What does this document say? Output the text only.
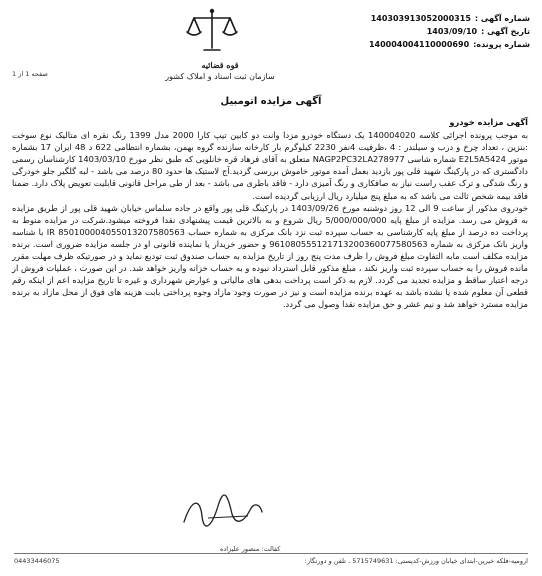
شماره آگهی :
140303913052000315
تاریخ آگهی :
1403/09/10
شماره پرونده:
140004004110000690
قوه قضائیه
سازمان ثبت اسناد و املاک کشور
صفحه 1 از 1
آگهی مزایده اتومبیل

آگهی مزایده خودرو

به موجب پرونده اجرائی کلاسه 140004020 یک دستگاه خودرو مزدا وانت دو کابین تیپ کارا 2000 مدل 1399 رنگ نقره ای متالیک نوع سوخت :بنزین ، تعداد چرخ و درب و سیلندر : 4 ،ظرفیت 4نفر 2230 کیلوگرم بار کارخانه سازنده گروه بهمن، بشماره انتظامی 622 د 48 ایران 17 بشماره موتور E2L5A5424 شماره شاسی NAGP2PC32LA278977 متعلق به آقای فرهاد قره خانلویی که طبق نظر مورخ 1403/03/10 کارشناسان رسمی دادگستری که در پارکینگ شهید قلی پور بازدید بعمل آمده موتور خاموش بررسی گردید.آج لاستیک ها حدود 80 درصد می باشد - لبه گلگیر جلو خودرگی و رنگ شدگی و ترک عقب راست نیاز به صافکاری و رنگ آمیزی دارد - فاقد باطری می باشد - بعد از طی مراحل قانونی قابلیت تعویض پلاک دارد. ضمنا فاقد بیمه شخص ثالث می باشد که به مبلغ پنج میلیارد ریال ارزیابی گردیده است.

خودروی مذکور از ساعت 9 الی 12 روز دوشنبه مورخ 1403/09/26 در پارکینگ قلی پور واقع در جاده سلماس خیابان شهید قلی پور از طریق مزایده به فروش می رسد. مزایده از مبلغ پایه 5/000/000/000 ریال شروع و به بالاترین قیمت پیشنهادی نقدا فروخته میشود.شرکت در مزایده منوط به پرداخت ده درصد از مبلغ پایه کارشناسی به حساب سپرده ثبت نزد بانک مرکزی به شماره حساب IR 850100004055013207580563 با شناسه واریز بانک مرکزی به شماره 961080555121713200360077580563 و حضور خریدار یا نماینده قانونی او در جلسه مزایده ضروری است. برنده مزایده مکلف است مابه التفاوت مبلغ فروش را ظرف مدت پنج روز از تاریخ مزایده به حساب صندوق ثبت تودیع نماید و در صورتیکه ظرف مهلت مقرر مانده فروش را به حساب سپرده ثبت واریز نکند ، مبلغ مذکور قابل استرداد نبوده و به حساب خزانه واریز خواهد شد. در این صورت ، عملیات فروش از درجه اعتبار ساقط و مزایده تجدید می گردد. لازم به ذکر است پرداخت بدهی های مالیاتی و عوارض شهرداری و غیره تا تاریخ مزایده اعم از اینکه رقم قطعی آن معلوم شده یا نشده باشد به عهده برنده مزایده است و نیز در صورت وجود مازاد وجوه پرداختی بابت هزینه های فوق از محل مازاد به برنده مزایده مسترد خواهد شد و نیم عشر و حق مزایده نقدا وصول می گردد.

کفالت: منصور علیزاده
04433446075	ارومیه-فلکه خیرین-ابتدای خیابان ورزش-کدپستی: 5715749631 ، تلفن و دورنگار:
